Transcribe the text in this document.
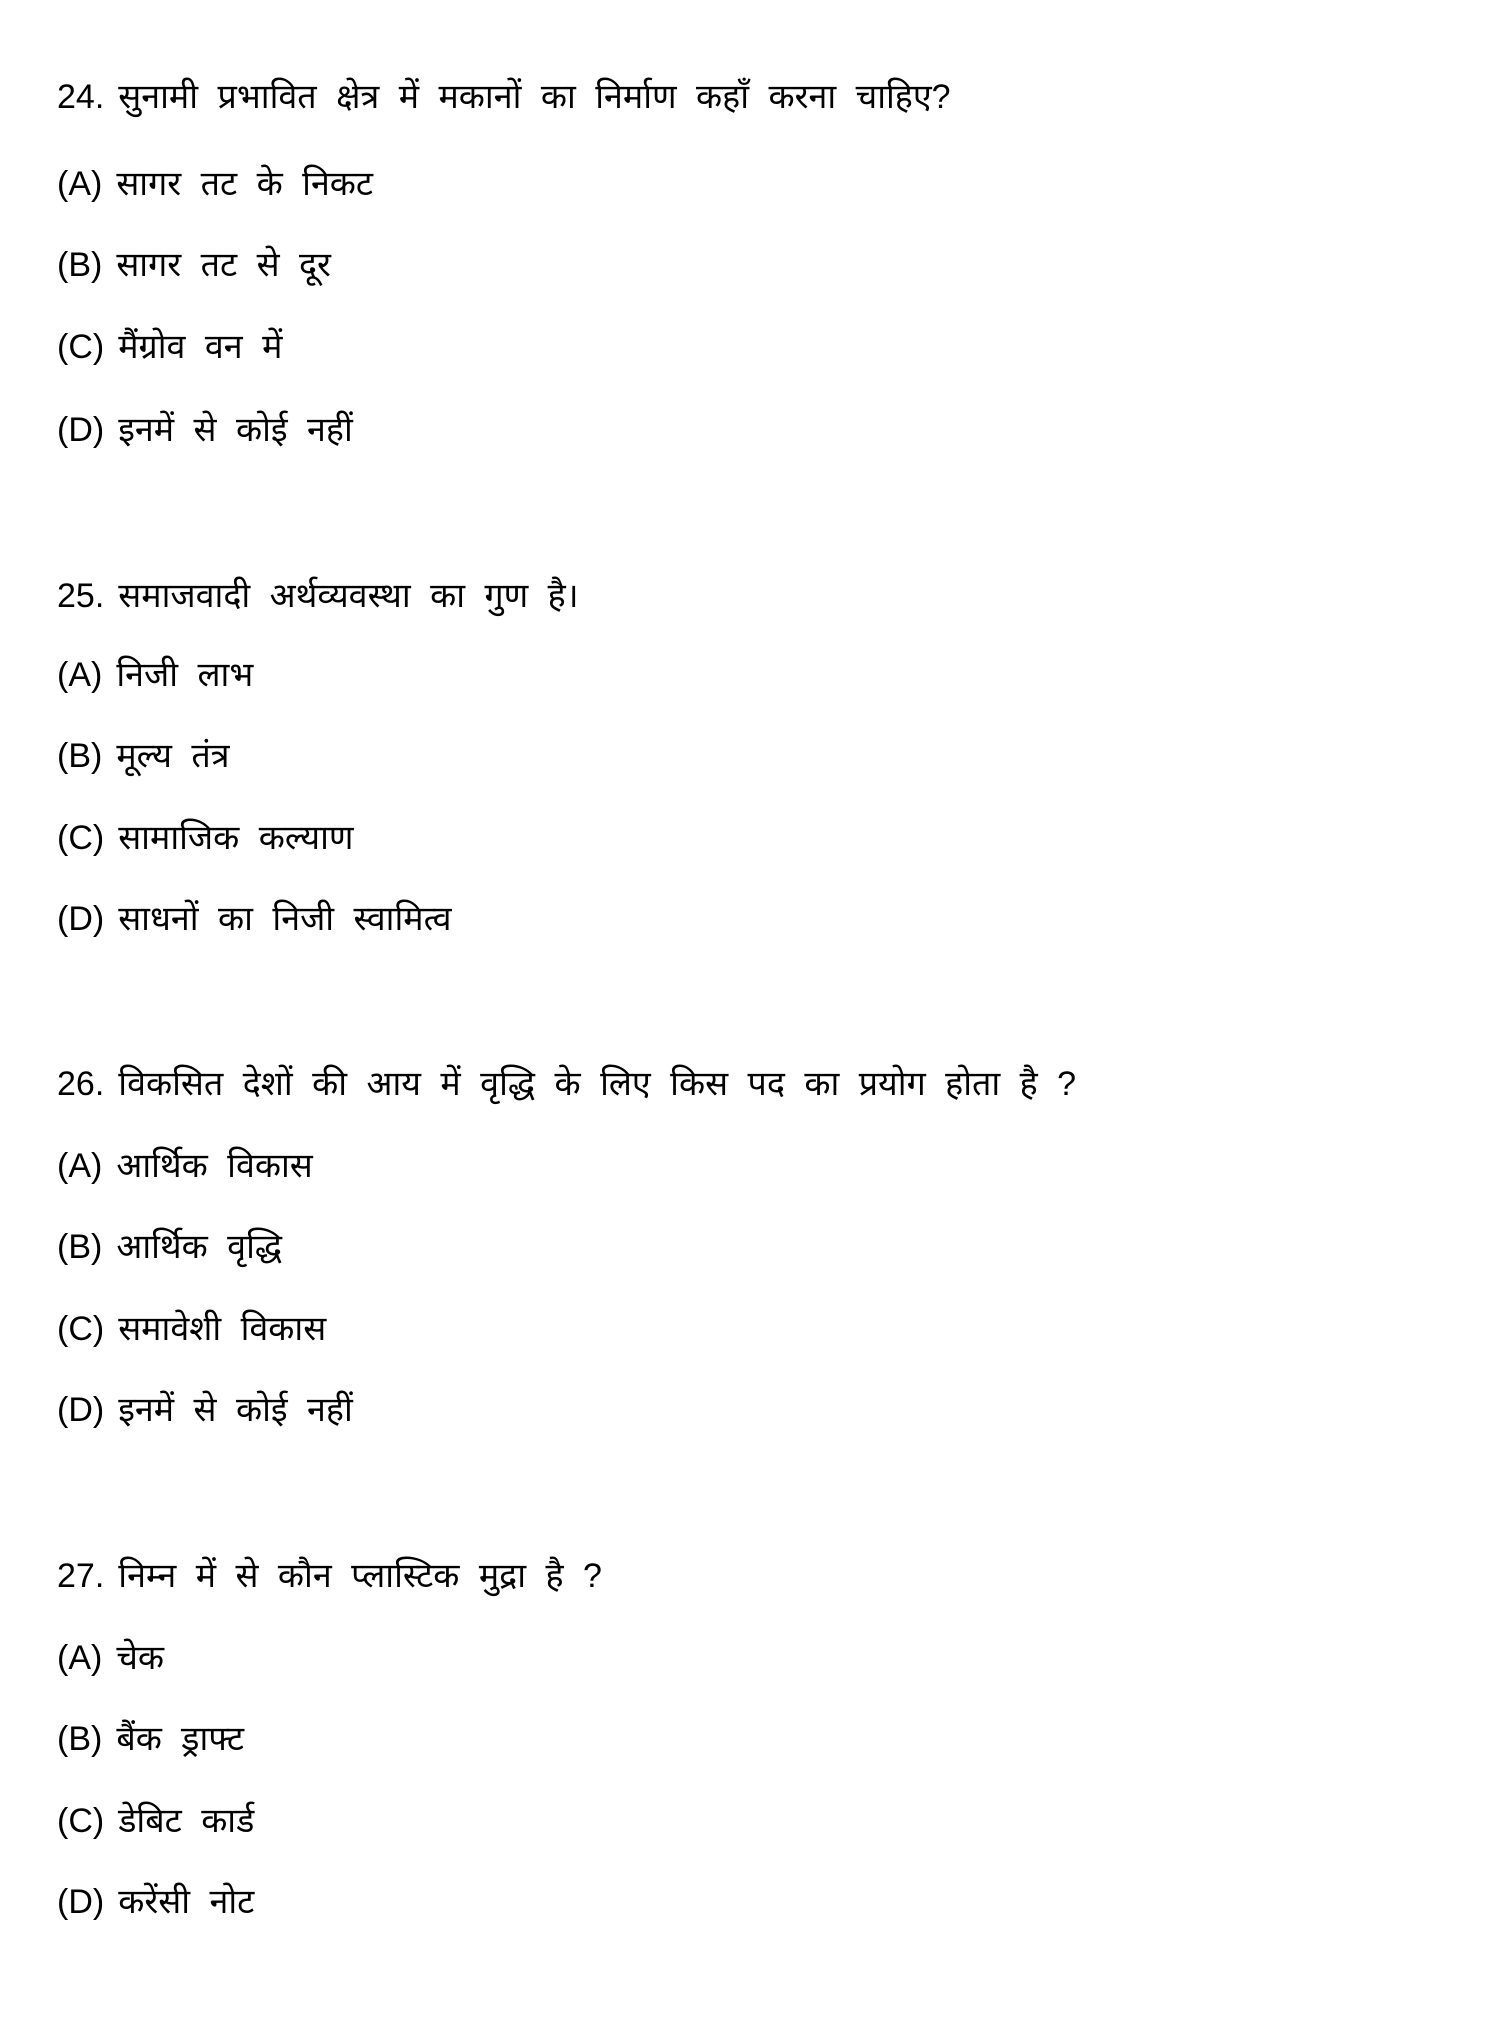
24. सुनामी प्रभावित क्षेत्र में मकानों का निर्माण कहाँ करना चाहिए?
(A) सागर तट के निकट
(B) सागर तट से दूर
(C) मैंग्रोव वन में
(D) इनमें से कोई नहीं
25. समाजवादी अर्थव्यवस्था का गुण है।
(A) निजी लाभ
(B) मूल्य तंत्र
(C) सामाजिक कल्याण
(D) साधनों का निजी स्वामित्व
26. विकसित देशों की आय में वृद्धि के लिए किस पद का प्रयोग होता है ?
(A) आर्थिक विकास
(B) आर्थिक वृद्धि
(C) समावेशी विकास
(D) इनमें से कोई नहीं
27. निम्न में से कौन प्लास्टिक मुद्रा है ?
(A) चेक
(B) बैंक ड्राफ्ट
(C) डेबिट कार्ड
(D) करेंसी नोट
